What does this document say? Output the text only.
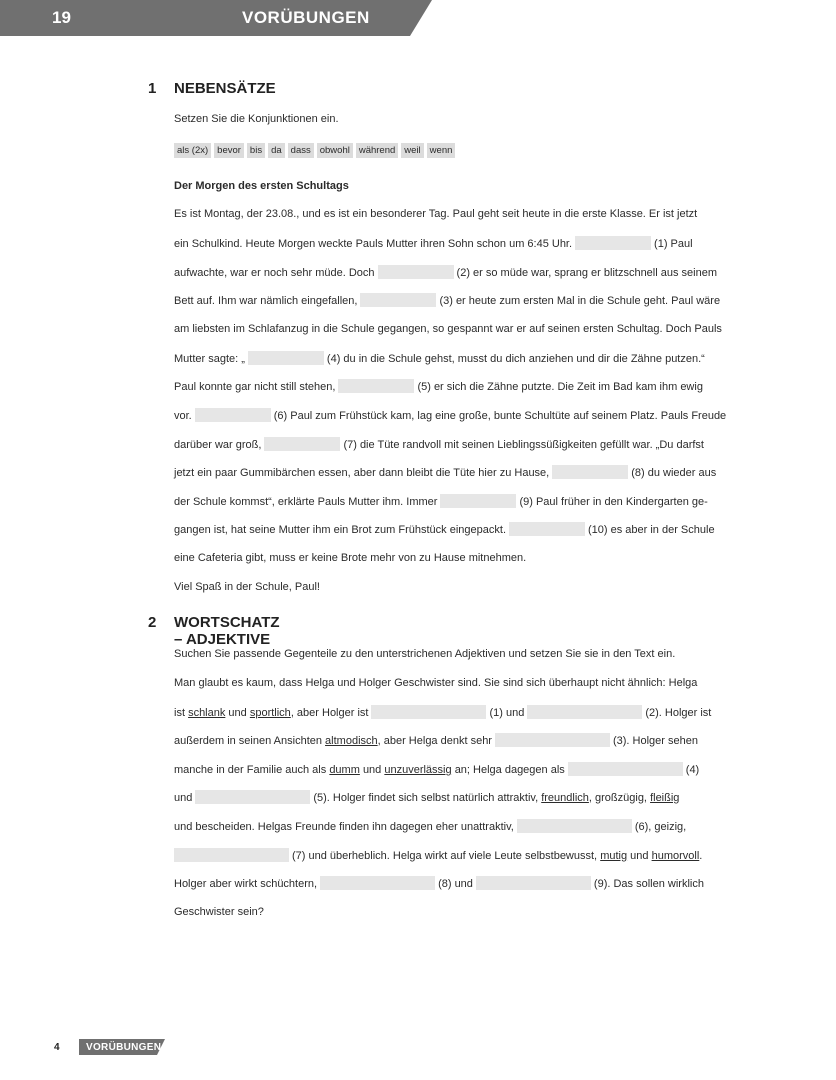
19	VORÜBUNGEN
1 NEBENSÄTZE
Setzen Sie die Konjunktionen ein.
als (2x) bevor bis da dass obwohl während weil wenn
Der Morgen des ersten Schultags
Es ist Montag, der 23.08., und es ist ein besonderer Tag. Paul geht seit heute in die erste Klasse. Er ist jetzt
ein Schulkind. Heute Morgen weckte Pauls Mutter ihren Sohn schon um 6:45 Uhr.	(1) Paul
aufwachte, war er noch sehr müde. Doch	(2) er so müde war, sprang er blitzschnell aus seinem
Bett auf. Ihm war nämlich eingefallen,	(3) er heute zum ersten Mal in die Schule geht. Paul wäre
am liebsten im Schlafanzug in die Schule gegangen, so gespannt war er auf seinen ersten Schultag. Doch Pauls
Mutter sagte: „	(4) du in die Schule gehst, musst du dich anziehen und dir die Zähne putzen.“
Paul konnte gar nicht still stehen,	(5) er sich die Zähne putzte. Die Zeit im Bad kam ihm ewig
vor.	(6) Paul zum Frühstück kam, lag eine große, bunte Schultüte auf seinem Platz. Pauls Freude
darüber war groß,	(7) die Tüte randvoll mit seinen Lieblingssüßigkeiten gefüllt war. „Du darfst
jetzt ein paar Gummibärchen essen, aber dann bleibt die Tüte hier zu Hause,	(8) du wieder aus
der Schule kommst“, erklärte Pauls Mutter ihm. Immer	(9) Paul früher in den Kindergarten ge-
gangen ist, hat seine Mutter ihm ein Brot zum Frühstück eingepackt.	(10) es aber in der Schule
eine Cafeteria gibt, muss er keine Brote mehr von zu Hause mitnehmen.
Viel Spaß in der Schule, Paul!
2 WORTSCHATZ – ADJEKTIVE
Suchen Sie passende Gegenteile zu den unterstrichenen Adjektiven und setzen Sie sie in den Text ein.
Man glaubt es kaum, dass Helga und Holger Geschwister sind. Sie sind sich überhaupt nicht ähnlich: Helga
ist schlank und sportlich, aber Holger ist	(1) und	(2). Holger ist
außerdem in seinen Ansichten altmodisch, aber Helga denkt sehr	(3). Holger sehen
manche in der Familie auch als dumm und unzuverlässig an; Helga dagegen als	(4)
und	(5). Holger findet sich selbst natürlich attraktiv, freundlich, großzügig, fleißig
und bescheiden. Helgas Freunde finden ihn dagegen eher unattraktiv,	(6), geizig,
(7) und überheblich. Helga wirkt auf viele Leute selbstbewusst, mutig und humorvoll.
Holger aber wirkt schüchtern,	(8) und	(9). Das sollen wirklich
Geschwister sein?
4	VORÜBUNGEN
